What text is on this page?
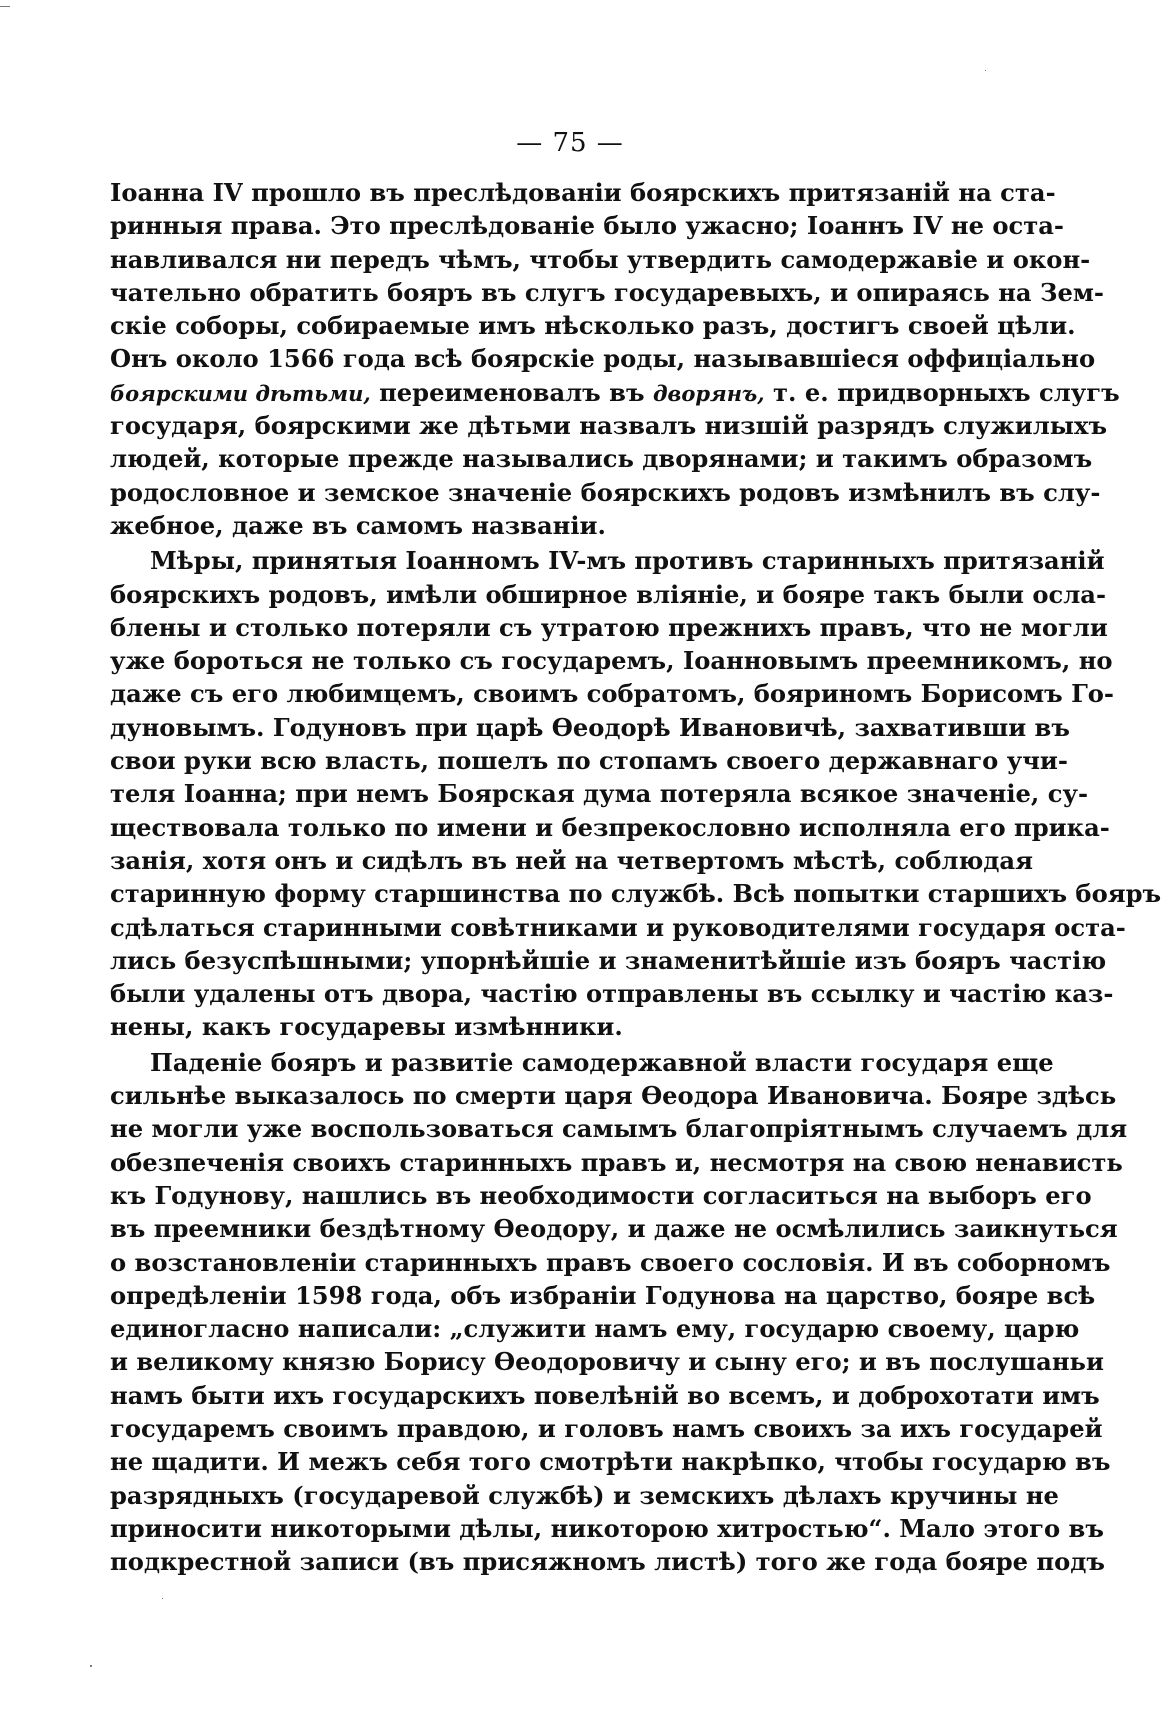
— 75 —
Іоанна IV прошло въ преслѣдованіи боярскихъ притязаній на ста-
ринныя права. Это преслѣдованіе было ужасно; Іоаннъ IV не оста-
навливался ни передъ чѣмъ, чтобы утвердить самодержавіе и окон-
чательно обратить бояръ въ слугъ государевыхъ, и опираясь на Зем-
скіе соборы, собираемые имъ нѣсколько разъ, достигъ своей цѣли.
Онъ около 1566 года всѣ боярскіе роды, называвшіеся оффиціально
боярскими дѣтьми, переименовалъ въ дворянъ, т. е. придворныхъ слугъ
государя, боярскими же дѣтьми назвалъ низшій разрядъ служилыхъ
людей, которые прежде назывались дворянами; и такимъ образомъ
родословное и земское значеніе боярскихъ родовъ измѣнилъ въ слу-
жебное, даже въ самомъ названіи.
Мѣры, принятыя Іоанномъ IV-мъ противъ старинныхъ притязаній
боярскихъ родовъ, имѣли обширное вліяніе, и бояре такъ были осла-
блены и столько потеряли съ утратою прежнихъ правъ, что не могли
уже бороться не только съ государемъ, Іоанновымъ преемникомъ, но
даже съ его любимцемъ, своимъ собратомъ, бояриномъ Борисомъ Го-
дуновымъ. Годуновъ при царѣ Ѳеодорѣ Ивановичѣ, захвативши въ
свои руки всю власть, пошелъ по стопамъ своего державнаго учи-
теля Іоанна; при немъ Боярская дума потеряла всякое значеніе, су-
ществовала только по имени и безпрекословно исполняла его прика-
занія, хотя онъ и сидѣлъ въ ней на четвертомъ мѣстѣ, соблюдая
старинную форму старшинства по службѣ. Всѣ попытки старшихъ бояръ
сдѣлаться старинными совѣтниками и руководителями государя оста-
лись безуспѣшными; упорнѣйшіе и знаменитѣйшіе изъ бояръ частію
были удалены отъ двора, частію отправлены въ ссылку и частію каз-
нены, какъ государевы измѣнники.
Паденіе бояръ и развитіе самодержавной власти государя еще
сильнѣе выказалось по смерти царя Ѳеодора Ивановича. Бояре здѣсь
не могли уже воспользоваться самымъ благопріятнымъ случаемъ для
обезпеченія своихъ старинныхъ правъ и, несмотря на свою ненависть
къ Годунову, нашлись въ необходимости согласиться на выборъ его
въ преемники бездѣтному Ѳеодору, и даже не осмѣлились заикнуться
о возстановленіи старинныхъ правъ своего сословія. И въ соборномъ
опредѣленіи 1598 года, объ избраніи Годунова на царство, бояре всѣ
единогласно написали: „служити намъ ему, государю своему, царю
и великому князю Борису Ѳеодоровичу и сыну его; и въ послушаньи
намъ быти ихъ государскихъ повелѣній во всемъ, и доброхотати имъ
государемъ своимъ правдою, и головъ намъ своихъ за ихъ государей
не щадити. И межъ себя того смотрѣти накрѣпко, чтобы государю въ
разрядныхъ (государевой службѣ) и земскихъ дѣлахъ кручины не
приносити никоторыми дѣлы, никоторою хитростью“. Мало этого въ
подкрестной записи (въ присяжномъ листѣ) того же года бояре подъ
